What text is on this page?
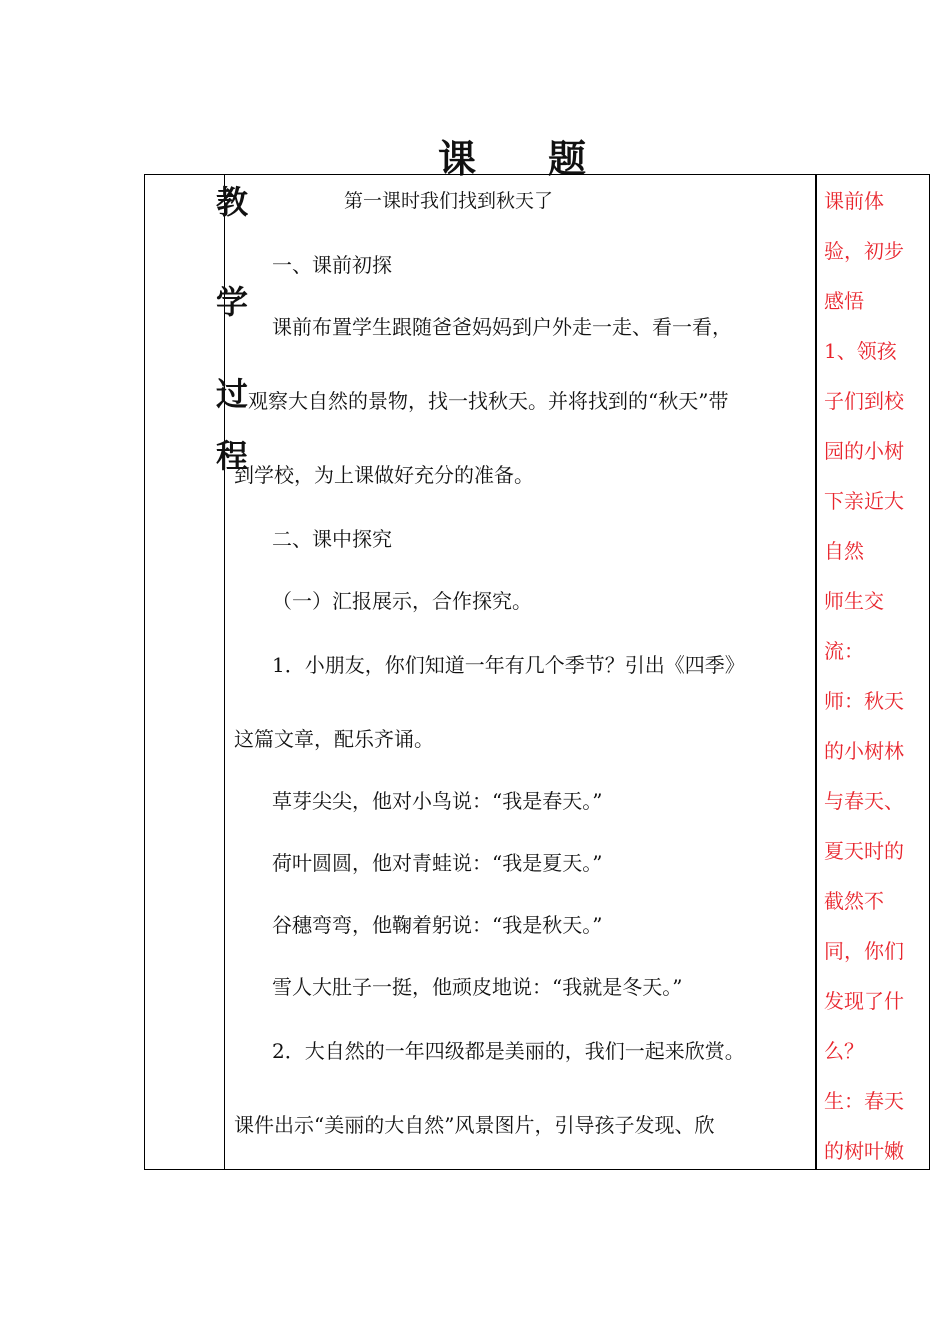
课题
教
学
过
程
第一课时我们找到秋天了
一、课前初探
课前布置学生跟随爸爸妈妈到户外走一走、看一看，
观察大自然的景物，找一找秋天。并将找到的“秋天”带
到学校，为上课做好充分的准备。
二、课中探究
（一）汇报展示，合作探究。
1．小朋友，你们知道一年有几个季节？引出《四季》
这篇文章，配乐齐诵。
草芽尖尖，他对小鸟说：“我是春天。”
荷叶圆圆，他对青蛙说：“我是夏天。”
谷穗弯弯，他鞠着躬说：“我是秋天。”
雪人大肚子一挺，他顽皮地说：“我就是冬天。”
2．大自然的一年四级都是美丽的，我们一起来欣赏。
课件出示“美丽的大自然”风景图片，引导孩子发现、欣
课前体
验，初步
感悟
1、领孩
子们到校
园的小树
下亲近大
自然
师生交
流：
师：秋天
的小树林
与春天、
夏天时的
截然不
同，你们
发现了什
么？
生：春天
的树叶嫩
